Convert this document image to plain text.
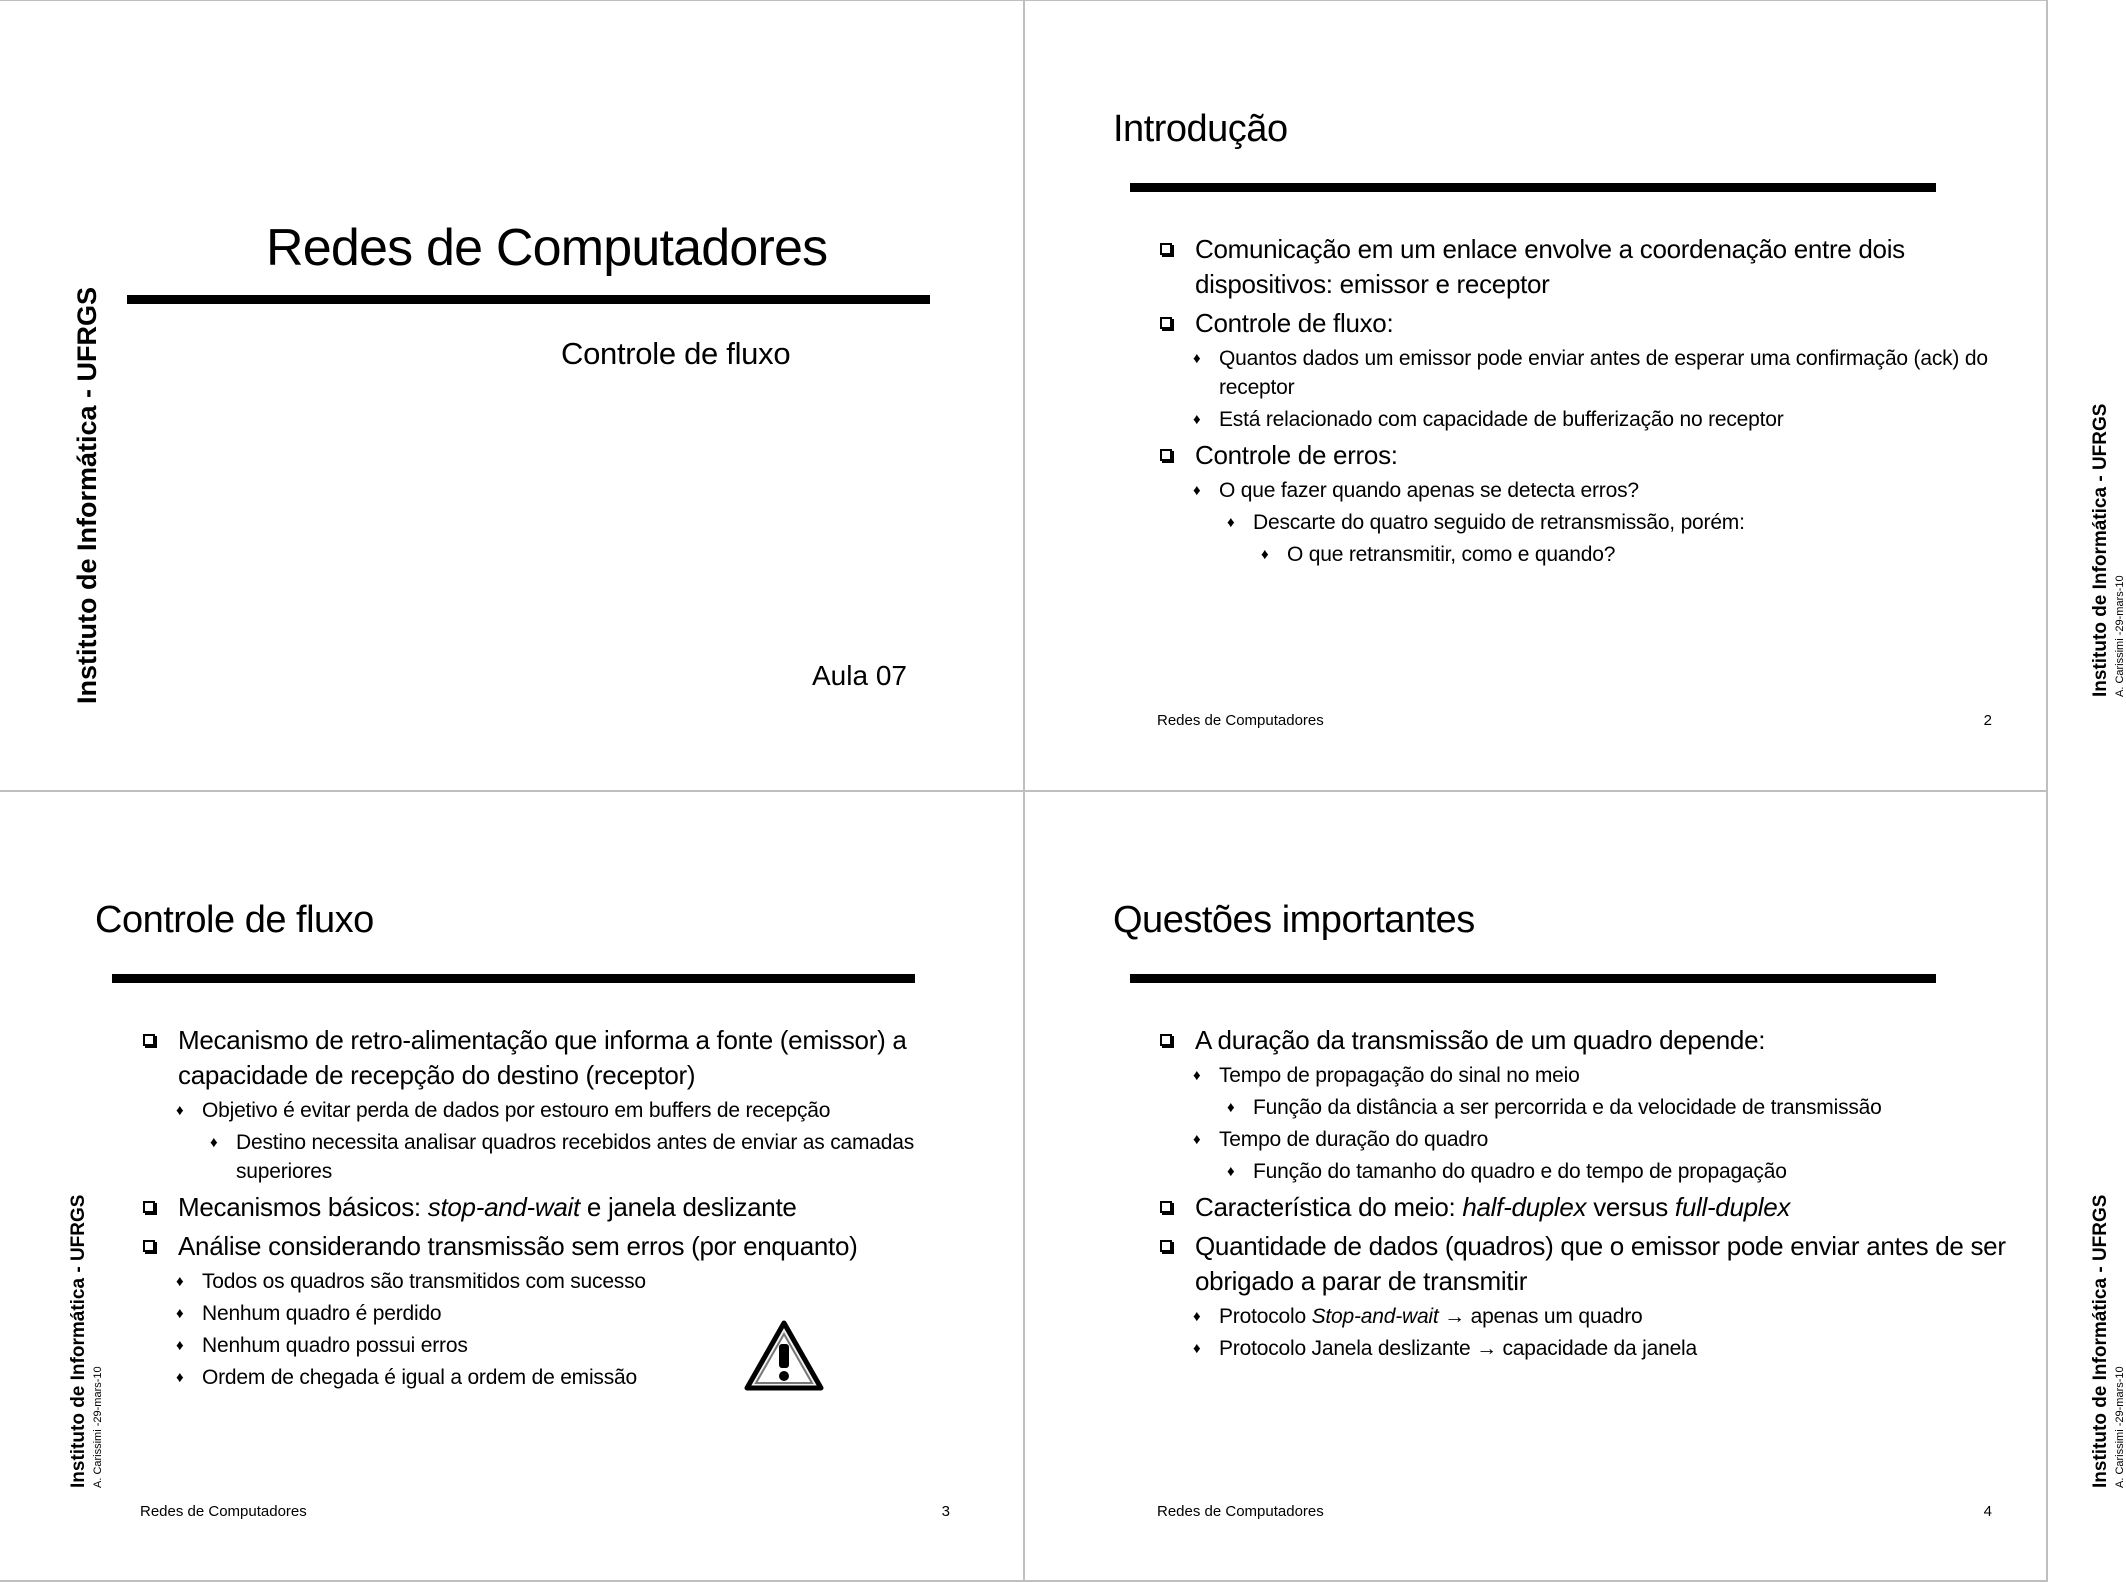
Instituto de Informática - UFRGS
Redes de Computadores
Controle de fluxo
Aula 07	Instituto de Informática - UFRGS A. Carissimi -29-mars-10
Introdução
Comunicação em um enlace envolve a coordenação entre dois dispositivos: emissor e receptor
Controle de fluxo:
♦ Quantos dados um emissor pode enviar antes de esperar uma confirmação (ack) do receptor
♦ Está relacionado com capacidade de bufferização no receptor
Controle de erros:
♦ O que fazer quando apenas se detecta erros?
♦ Descarte do quatro seguido de retransmissão, porém:
♦ O que retransmitir, como e quando?
Redes de Computadores	2
Instituto de Informática - UFRGS A. Carissimi -29-mars-10
Controle de fluxo
Mecanismo de retro-alimentação que informa a fonte (emissor) a capacidade de recepção do destino (receptor)
♦ Objetivo é evitar perda de dados por estouro em buffers de recepção
♦ Destino necessita analisar quadros recebidos antes de enviar as camadas superiores
Mecanismos básicos: stop-and-wait e janela deslizante
Análise considerando transmissão sem erros (por enquanto)
♦ Todos os quadros são transmitidos com sucesso
♦ Nenhum quadro é perdido
♦ Nenhum quadro possui erros
♦ Ordem de chegada é igual a ordem de emissão
Redes de Computadores	3
Instituto de Informática - UFRGS A. Carissimi -29-mars-10
Questões importantes
A duração da transmissão de um quadro depende:
♦ Tempo de propagação do sinal no meio
♦ Função da distância a ser percorrida e da velocidade de transmissão
♦ Tempo de duração do quadro
♦ Função do tamanho do quadro e do tempo de propagação
Característica do meio: half-duplex versus full-duplex
Quantidade de dados (quadros) que o emissor pode enviar antes de ser obrigado a parar de transmitir
♦ Protocolo Stop-and-wait → apenas um quadro
♦ Protocolo Janela deslizante → capacidade da janela
Redes de Computadores	4
